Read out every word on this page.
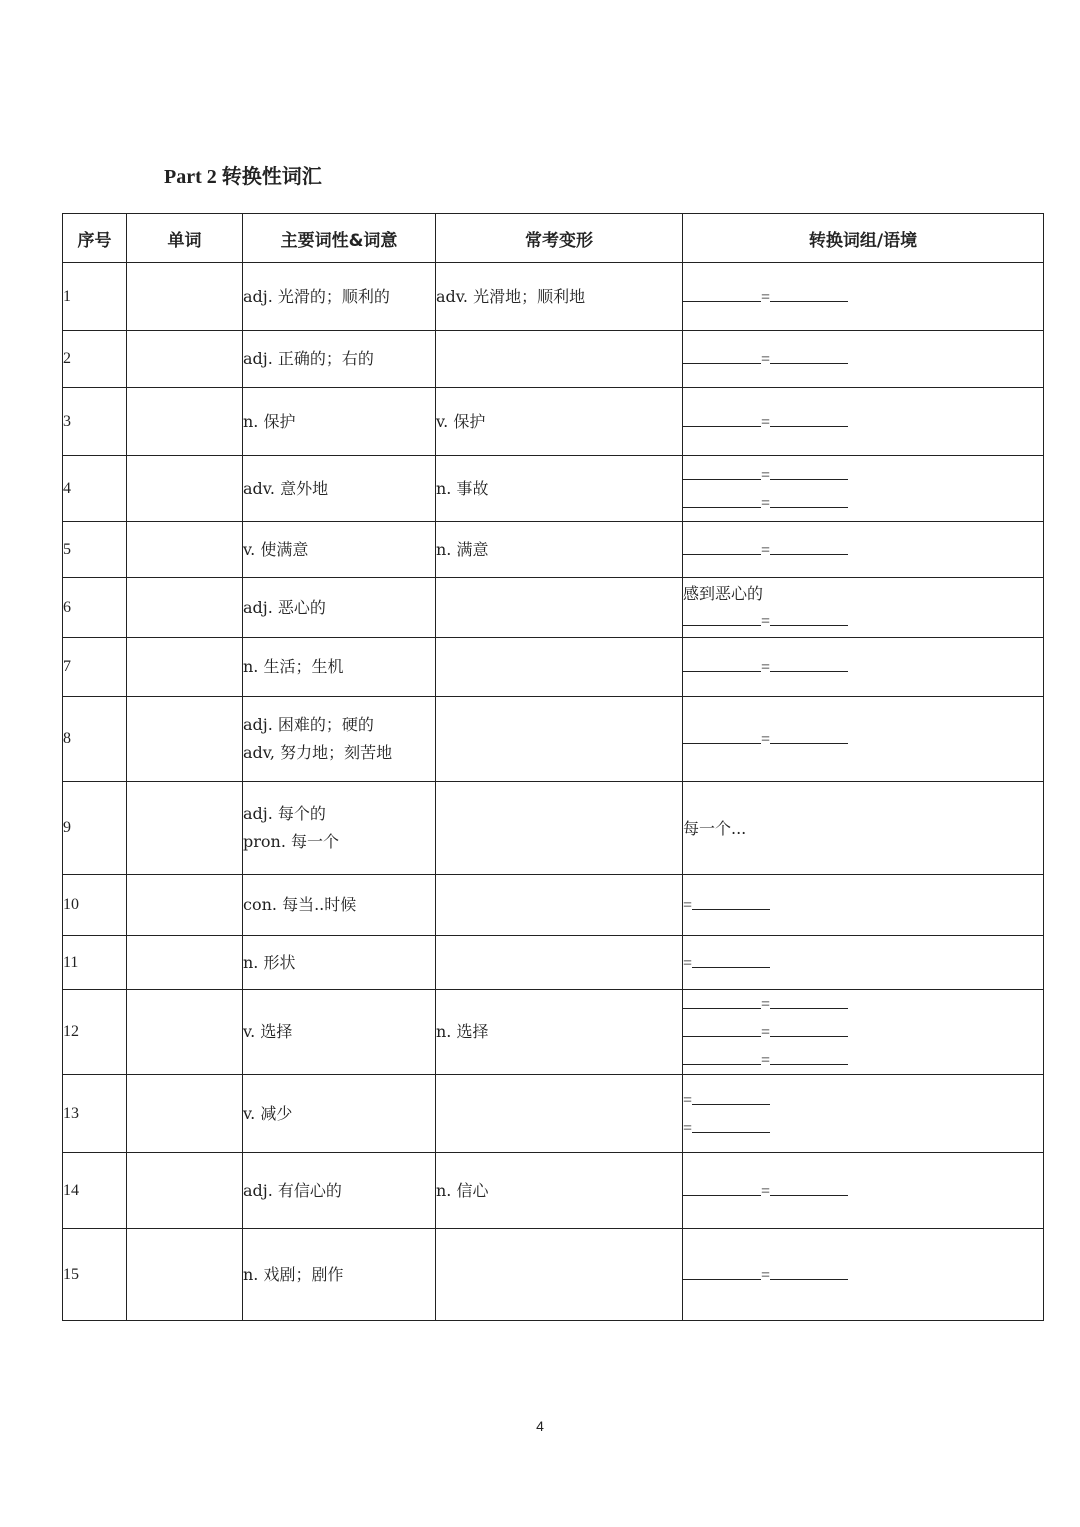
Part 2 转换性词汇
序号	单词	主要词性&词意	常考变形	转换词组/语境
1		adj. 光滑的；顺利的	adv. 光滑地；顺利地	=

2		adj. 正确的；右的		=

3		n. 保护	v. 保护	=

4		adv. 意外地	n. 事故	=
=

5		v. 使满意	n. 满意	=

6		adj. 恶心的		感到恶心的
=

7		n. 生活；生机		=

8		adj. 困难的；硬的
adv, 努力地；刻苦地		=

9		adj. 每个的
pron. 每一个		每一个...

10		con. 每当..时候		=

11		n. 形状		=

12		v. 选择	n. 选择	=
=
=

13		v. 减少		=
=

14		adj. 有信心的	n. 信心	=

15		n. 戏剧；剧作		=
4
